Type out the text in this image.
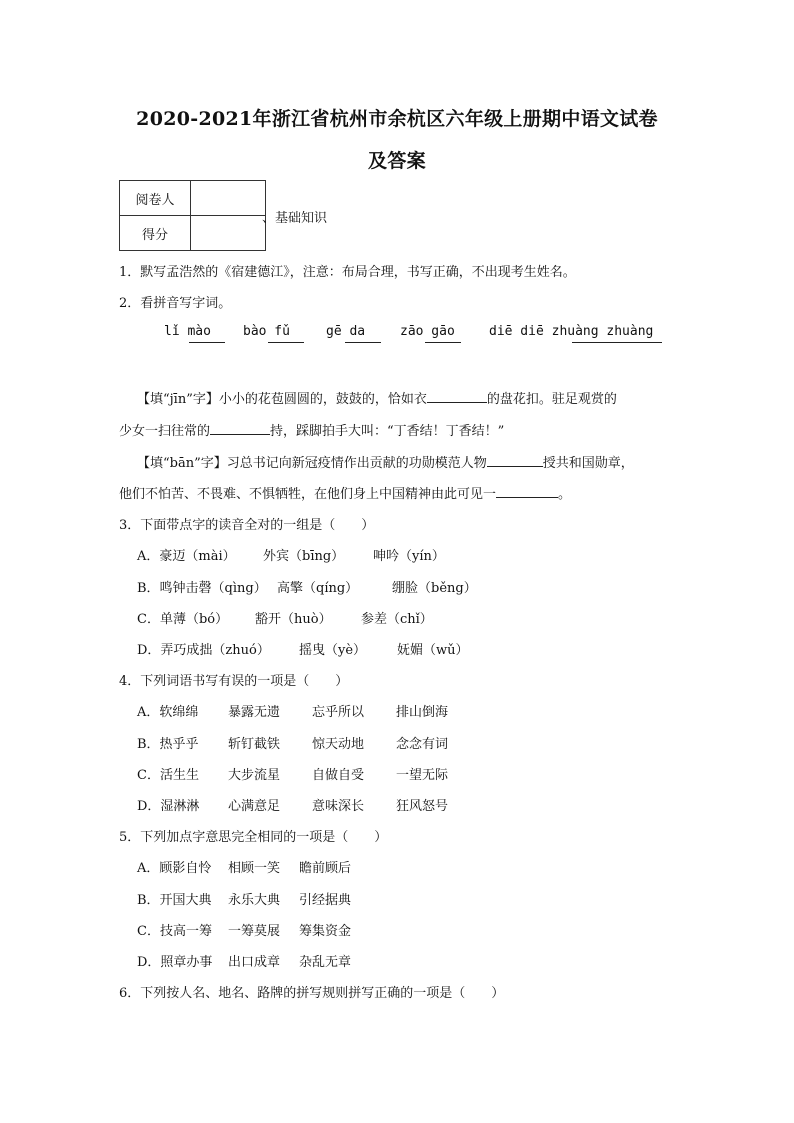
2020-2021年浙江省杭州市余杭区六年级上册期中语文试卷
及答案
阅卷人	
得分	
、基础知识
1．默写孟浩然的《宿建德江》，注意：布局合理，书写正确，不出现考生姓名。
2．看拼音写字词。
lǐ mào bào fǔ	gē da	zāo gāo	diē diē zhuàng zhuàng
【填“jīn”字】小小的花苞圆圆的，鼓鼓的，恰如衣	的盘花扣。驻足观赏的
少女一扫往常的	持，踩脚拍手大叫：“丁香结！丁香结！”
【填“bān”字】习总书记向新冠疫情作出贡献的功勋模范人物	授共和国勋章，
他们不怕苦、不畏难、不惧牺牲，在他们身上中国精神由此可见一	。
3．下面带点字的读音全对的一组是（　　）
A．豪迈（mài） 外宾（bīng） 呻吟（yín）
B．鸣钟击磬（qìng） 高擎（qíng）	绷脸（běng）
C．单薄（bó） 豁开（huò） 参差（chǐ）
D．弄巧成拙（zhuó） 摇曳（yè） 妩媚（wǔ）
4．下列词语书写有误的一项是（　　）
A．软绵绵 暴露无遗 忘乎所以 排山倒海
B．热乎乎 斩钉截铁 惊天动地 念念有词
C．活生生 大步流星 自做自受 一望无际
D．湿淋淋 心满意足 意味深长 狂风怒号
5．下列加点字意思完全相同的一项是（　　）
A．顾影自怜 相顾一笑 瞻前顾后
B．开国大典 永乐大典 引经据典
C．技高一筹 一筹莫展 筹集资金
D．照章办事 出口成章 杂乱无章
6．下列按人名、地名、路牌的拼写规则拼写正确的一项是（　　）
